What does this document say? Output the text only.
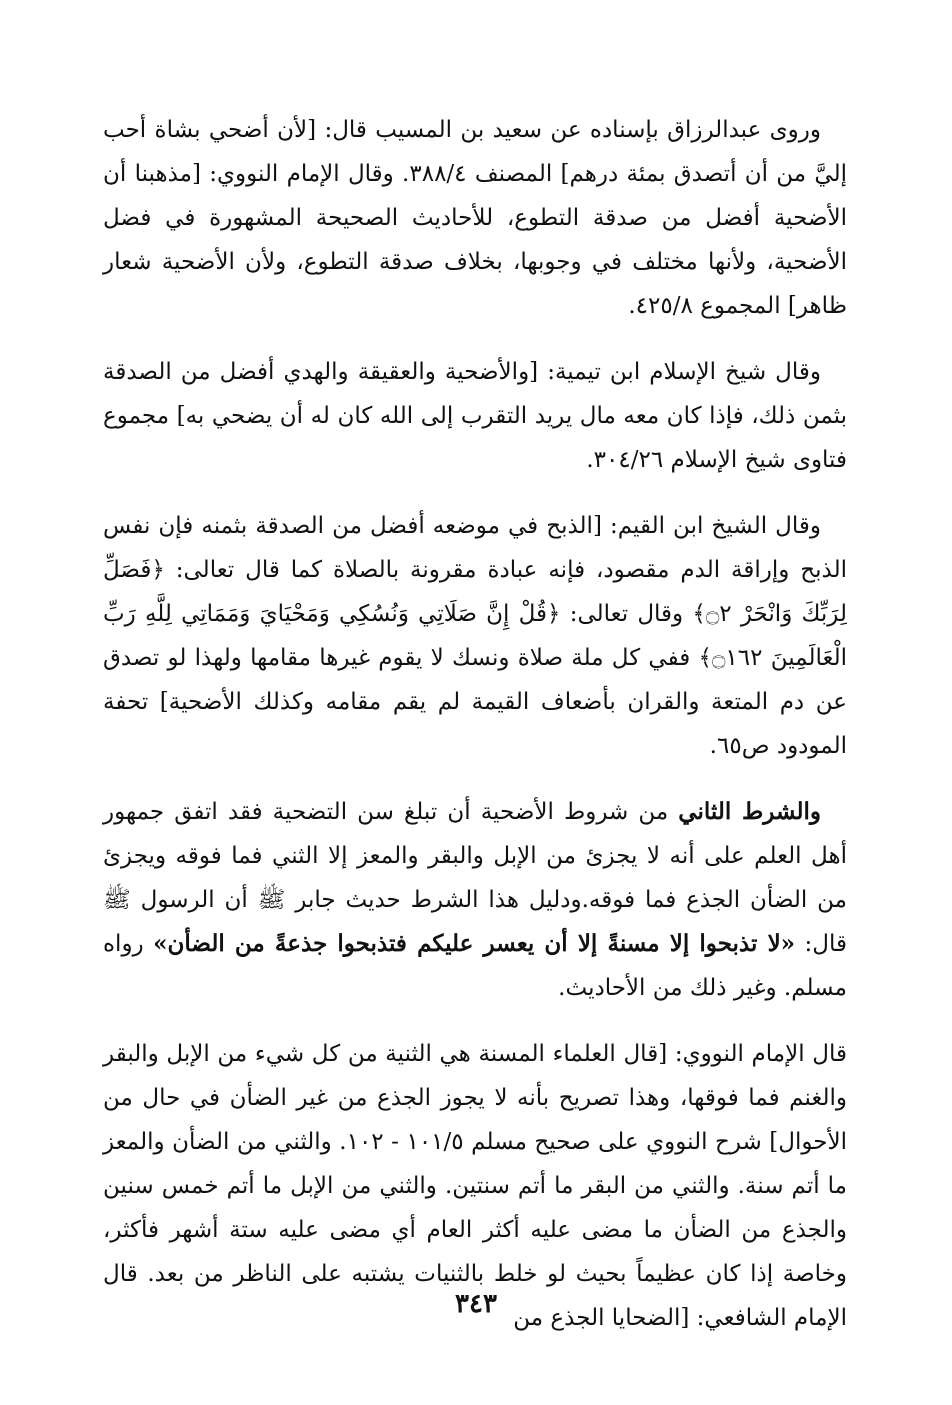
وروى عبدالرزاق بإسناده عن سعيد بن المسيب قال: [لأن أضحي بشاة أحب إليَّ من أن أتصدق بمئة درهم] المصنف ٣٨٨/٤. وقال الإمام النووي: [مذهبنا أن الأضحية أفضل من صدقة التطوع، للأحاديث الصحيحة المشهورة في فضل الأضحية، ولأنها مختلف في وجوبها، بخلاف صدقة التطوع، ولأن الأضحية شعار ظاهر] المجموع ٤٢٥/٨.

وقال شيخ الإسلام ابن تيمية: [والأضحية والعقيقة والهدي أفضل من الصدقة بثمن ذلك، فإذا كان معه مال يريد التقرب إلى الله كان له أن يضحي به] مجموع فتاوى شيخ الإسلام ٣٠٤/٢٦.

وقال الشيخ ابن القيم: [الذبح في موضعه أفضل من الصدقة بثمنه فإن نفس الذبح وإراقة الدم مقصود، فإنه عبادة مقرونة بالصلاة كما قال تعالى: ﴿فَصَلِّ لِرَبِّكَ وَانْحَرْ ۝٢﴾ وقال تعالى: ﴿قُلْ إِنَّ صَلَاتِي وَنُسُكِي وَمَحْيَايَ وَمَمَاتِي لِلَّهِ رَبِّ الْعَالَمِينَ ۝١٦٢﴾ ففي كل ملة صلاة ونسك لا يقوم غيرها مقامها ولهذا لو تصدق عن دم المتعة والقران بأضعاف القيمة لم يقم مقامه وكذلك الأضحية] تحفة المودود ص٦٥.

والشرط الثاني من شروط الأضحية أن تبلغ سن التضحية فقد اتفق جمهور أهل العلم على أنه لا يجزئ من الإبل والبقر والمعز إلا الثني فما فوقه ويجزئ من الضأن الجذع فما فوقه.ودليل هذا الشرط حديث جابر ﷺ أن الرسول ﷺ قال: «لا تذبحوا إلا مسنةً إلا أن يعسر عليكم فتذبحوا جذعةً من الضأن» رواه مسلم. وغير ذلك من الأحاديث.

قال الإمام النووي: [قال العلماء المسنة هي الثنية من كل شيء من الإبل والبقر والغنم فما فوقها، وهذا تصريح بأنه لا يجوز الجذع من غير الضأن في حال من الأحوال] شرح النووي على صحيح مسلم ١٠١/٥ - ١٠٢. والثني من الضأن والمعز ما أتم سنة. والثني من البقر ما أتم سنتين. والثني من الإبل ما أتم خمس سنين والجذع من الضأن ما مضى عليه أكثر العام أي مضى عليه ستة أشهر فأكثر، وخاصة إذا كان عظيماً بحيث لو خلط بالثنيات يشتبه على الناظر من بعد. قال الإمام الشافعي: [الضحايا الجذع من

٣٤٣
